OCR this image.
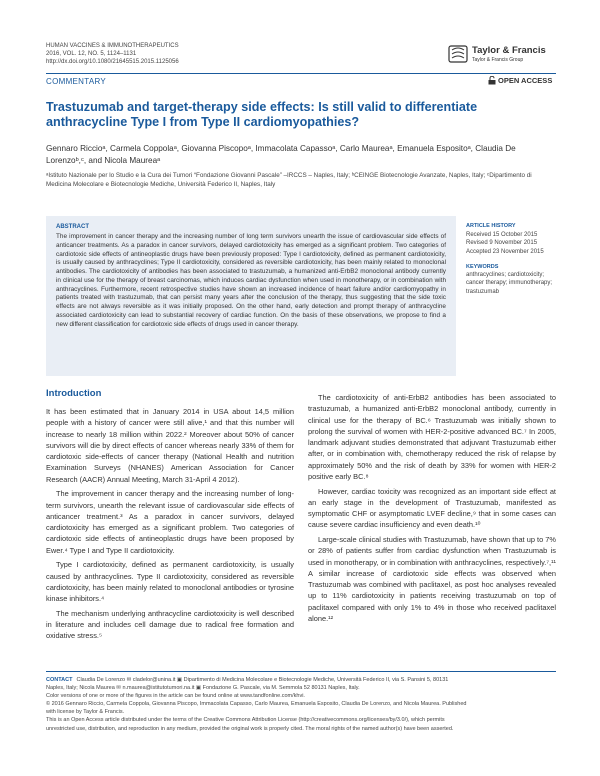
HUMAN VACCINES & IMMUNOTHERAPEUTICS
2016, VOL. 12, NO. 5, 1124–1131
http://dx.doi.org/10.1080/21645515.2015.1125056
Taylor & Francis
Taylor & Francis Group
COMMENTARY	OPEN ACCESS
Trastuzumab and target-therapy side effects: Is still valid to differentiate anthracycline Type I from Type II cardiomyopathies?
Gennaro Riccioᵃ, Carmela Coppolaᵃ, Giovanna Piscopoᵃ, Immacolata Capassoᵃ, Carlo Maureaᵃ, Emanuela Espositoᵃ, Claudia De Lorenzoᵇ,ᶜ, and Nicola Maureaᵃ
ᵃIstituto Nazionale per lo Studio e la Cura dei Tumori “Fondazione Giovanni Pascale” –IRCCS – Naples, Italy; ᵇCEINGE Biotecnologie Avanzate, Naples, Italy; ᶜDipartimento di Medicina Molecolare e Biotecnologie Mediche, Università Federico II, Naples, Italy
ABSTRACT
The improvement in cancer therapy and the increasing number of long term survivors unearth the issue of cardiovascular side effects of anticancer treatments. As a paradox in cancer survivors, delayed cardiotoxicity has emerged as a significant problem. Two categories of cardiotoxic side effects of antineoplastic drugs have been previously proposed: Type I cardiotoxicity, defined as permanent cardiotoxicity, is usually caused by anthracyclines; Type II cardiotoxicity, considered as reversible cardiotoxicity, has been mainly related to monoclonal antibodies. The cardiotoxicity of antibodies has been associated to trastuzumab, a humanized anti-ErbB2 monoclonal antibody currently in clinical use for the therapy of breast carcinomas, which induces cardiac dysfunction when used in monotherapy, or in combination with anthracyclines. Furthermore, recent retrospective studies have shown an increased incidence of heart failure and/or cardiomyopathy in patients treated with trastuzumab, that can persist many years after the conclusion of the therapy, thus suggesting that the side toxic effects are not always reversible as it was initially proposed. On the other hand, early detection and prompt therapy of anthracycline associated cardiotoxicity can lead to substantial recovery of cardiac function. On the basis of these observations, we propose to find a new different classification for cardiotoxic side effects of drugs used in cancer therapy.
ARTICLE HISTORY
Received 15 October 2015
Revised 9 November 2015
Accepted 23 November 2015
KEYWORDS
anthracyclines; cardiotoxicity; cancer therapy; immunotherapy; trastuzumab
Introduction

It has been estimated that in January 2014 in USA about 14,5 million people with a history of cancer were still alive,¹ and that this number will increase to nearly 18 million within 2022.² Moreover about 50% of cancer survivors will die by direct effects of cancer whereas nearly 33% of them for cardiotoxic side-effects of cancer therapy (National Health and nutrition Examination Surveys (NHANES) American Association for Cancer Research (AACR) Annual Meeting, March 31-April 4 2012).

The improvement in cancer therapy and the increasing number of long-term survivors, unearth the relevant issue of cardiovascular side effects of anticancer treatment.³ As a paradox in cancer survivors, delayed cardiotoxicity has emerged as a significant problem. Two categories of cardiotoxic side effects of antineoplastic drugs have been proposed by Ewer.⁴ Type I and Type II cardiotoxicity.

Type I cardiotoxicity, defined as permanent cardiotoxicity, is usually caused by anthracyclines. Type II cardiotoxicity, considered as reversible cardiotoxicity, has been mainly related to monoclonal antibodies or tyrosine kinase inhibitors.⁴

The mechanism underlying anthracycline cardiotoxicity is well described in literature and includes cell damage due to radical free formation and oxidative stress.⁵

The cardiotoxicity of anti-ErbB2 antibodies has been associated to trastuzumab, a humanized anti-ErbB2 monoclonal antibody, currently in clinical use for the therapy of BC.⁶ Trastuzumab was initially shown to prolong the survival of women with HER-2-positive advanced BC.⁷ In 2005, landmark adjuvant studies demonstrated that adjuvant Trastuzumab either after, or in combination with, chemotherapy reduced the risk of relapse by approximately 50% and the risk of death by 33% for women with HER-2 positive early BC.⁸

However, cardiac toxicity was recognized as an important side effect at an early stage in the development of Trastuzumab, manifested as symptomatic CHF or asymptomatic LVEF decline,⁹ that in some cases can cause severe cardiac insufficiency and even death.¹⁰

Large-scale clinical studies with Trastuzumab, have shown that up to 7% or 28% of patients suffer from cardiac dysfunction when Trastuzumab is used in monotherapy, or in combination with anthracyclines, respectively.⁷,¹¹ A similar increase of cardiotoxic side effects was observed when Trastuzumab was combined with paclitaxel, as post hoc analyses revealed up to 11% cardiotoxicity in patients receiving trastuzumab on top of paclitaxel compared with only 1% to 4% in those who received paclitaxel alone.¹²

CONTACT Claudia De Lorenzo ✉ cladelor@unina.it ▣ Dipartimento di Medicina Molecolare e Biotecnologie Mediche, Università Federico II, via S. Pansini 5, 80131
Naples, Italy; Nicola Maurea ✉ n.maurea@istitutotumori.na.it ▣ Fondazione G. Pascale, via M. Semmola 52 80131 Naples, Italy.
Color versions of one or more of the figures in the article can be found online at www.tandfonline.com/khvi.
© 2016 Gennaro Riccio, Carmela Coppola, Giovanna Piscopo, Immacolata Capasso, Carlo Maurea, Emanuela Esposito, Claudia De Lorenzo, and Nicola Maurea. Published
with license by Taylor & Francis.
This is an Open Access article distributed under the terms of the Creative Commons Attribution License (http://creativecommons.org/licenses/by/3.0/), which permits
unrestricted use, distribution, and reproduction in any medium, provided the original work is properly cited. The moral rights of the named author(s) have been asserted.
